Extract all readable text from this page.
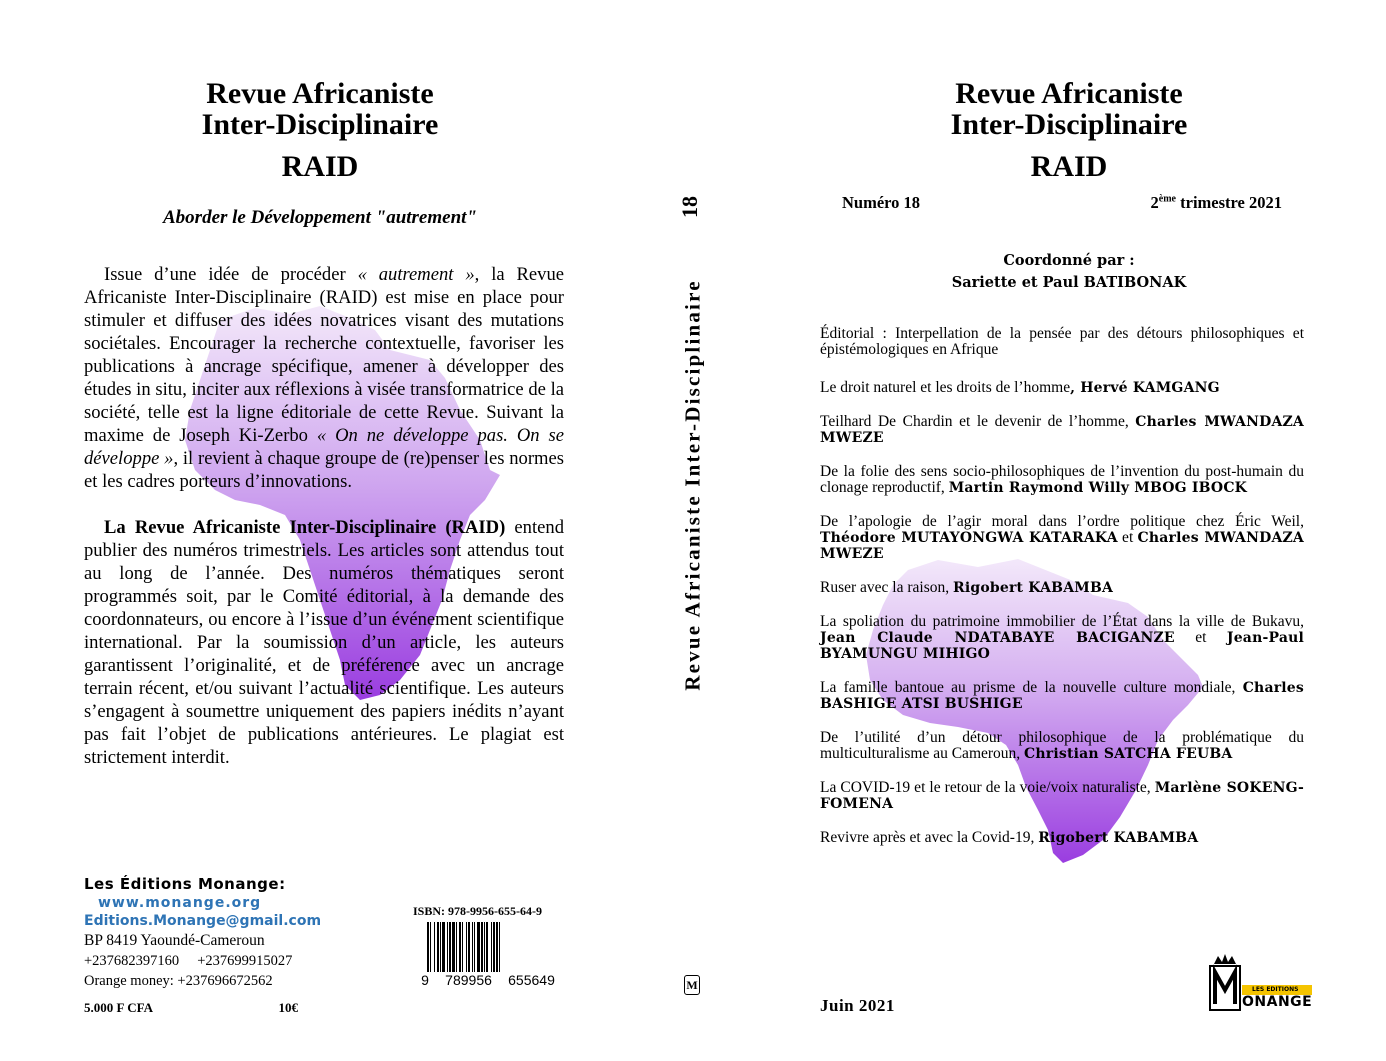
Revue Africaniste
Inter-Disciplinaire
RAID
Aborder le Développement "autrement"
Issue d’une idée de procéder « autrement », la Revue Africaniste Inter-Disciplinaire (RAID) est mise en place pour stimuler et diffuser des idées novatrices visant des mutations sociétales. Encourager la recherche contextuelle, favoriser les publications à ancrage spécifique, amener à développer des études in situ, inciter aux réflexions à visée transformatrice de la société, telle est la ligne éditoriale de cette Revue. Suivant la maxime de Joseph Ki-Zerbo « On ne développe pas. On se développe », il revient à chaque groupe de (re)penser les normes et les cadres porteurs d’innovations.
La Revue Africaniste Inter-Disciplinaire (RAID) entend publier des numéros trimestriels. Les articles sont attendus tout au long de l’année. Des numéros thématiques seront programmés soit, par le Comité éditorial, à la demande des coordonnateurs, ou encore à l’issue d’un événement scientifique international. Par la soumission d’un article, les auteurs garantissent l’originalité, et de préférence avec un ancrage terrain récent, et/ou suivant l’actualité scientifique. Les auteurs s’engagent à soumettre uniquement des papiers inédits n’ayant pas fait l’objet de publications antérieures. Le plagiat est strictement interdit.
Les Éditions Monange:
www.monange.org
Editions.Monange@gmail.com
BP 8419 Yaoundé-Cameroun
+237682397160 +237699915027
Orange money: +237696672562
5.000 F CFA	10€
ISBN: 978-9956-655-64-9
9 789956 655649
18
Revue Africaniste Inter-Disciplinaire
M
Revue Africaniste
Inter-Disciplinaire
RAID
Numéro 18	2ème trimestre 2021
Coordonné par :
Sariette et Paul BATIBONAK
Éditorial : Interpellation de la pensée par des détours philosophiques et épistémologiques en Afrique
Le droit naturel et les droits de l’homme, Hervé KAMGANG
Teilhard De Chardin et le devenir de l’homme, Charles MWANDAZA MWEZE
De la folie des sens socio-philosophiques de l’invention du post-humain du clonage reproductif, Martin Raymond Willy MBOG IBOCK
De l’apologie de l’agir moral dans l’ordre politique chez Éric Weil, Théodore MUTAYONGWA KATARAKA et Charles MWANDAZA MWEZE
Ruser avec la raison, Rigobert KABAMBA
La spoliation du patrimoine immobilier de l’État dans la ville de Bukavu, Jean Claude NDATABAYE BACIGANZE et Jean-Paul BYAMUNGU MIHIGO
La famille bantoue au prisme de la nouvelle culture mondiale, Charles BASHIGE ATSI BUSHIGE
De l’utilité d’un détour philosophique de la problématique du multiculturalisme au Cameroun, Christian SATCHA FEUBA
La COVID-19 et le retour de la voie/voix naturaliste, Marlène SOKENG-FOMENA
Revivre après et avec la Covid-19, Rigobert KABAMBA
Juin 2021
LES EDITIONS
ONANGE
